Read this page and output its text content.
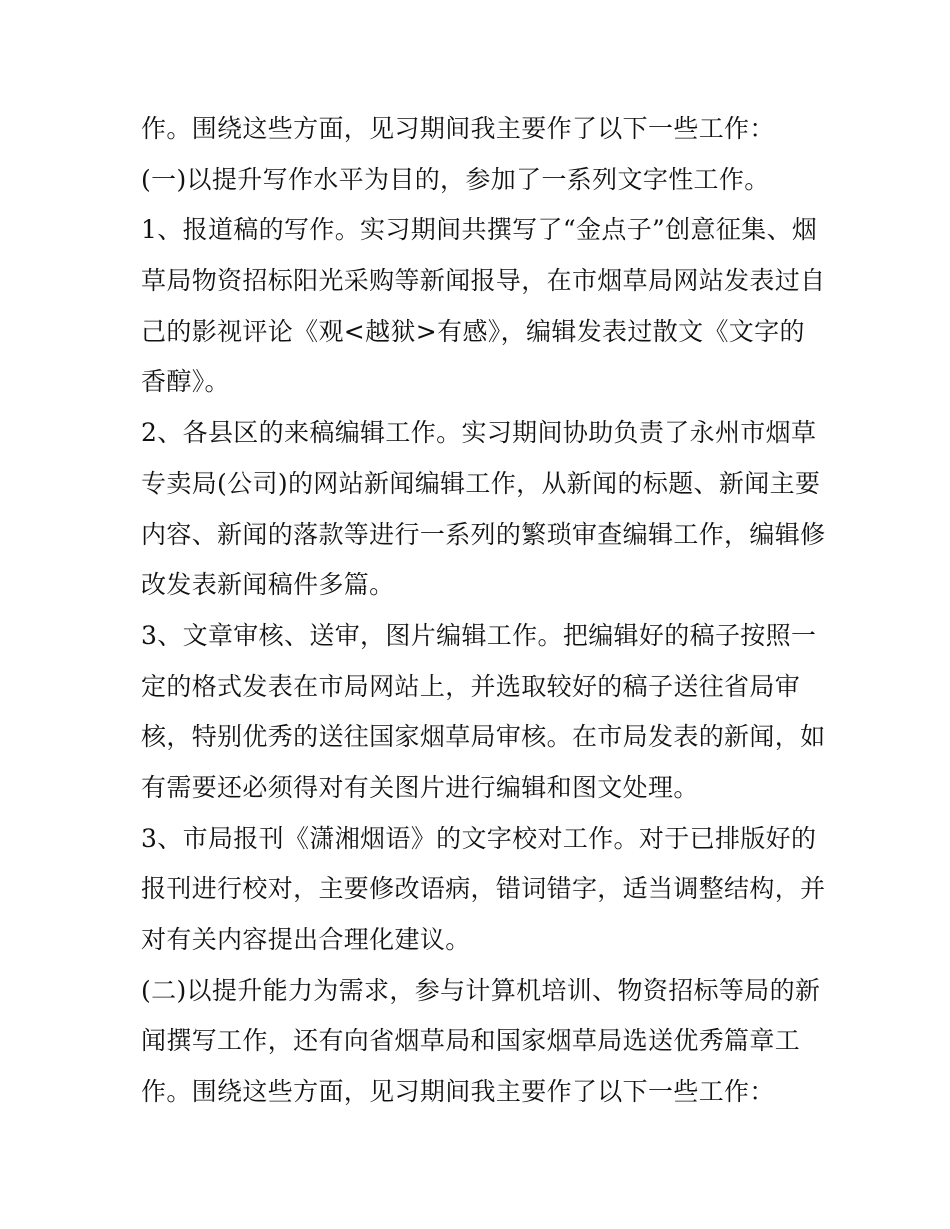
作。围绕这些方面，见习期间我主要作了以下一些工作：
(一)以提升写作水平为目的，参加了一系列文字性工作。
1、报道稿的写作。实习期间共撰写了“金点子”创意征集、烟
草局物资招标阳光采购等新闻报导，在市烟草局网站发表过自
己的影视评论《观<越狱>有感》，编辑发表过散文《文字的
香醇》。
2、各县区的来稿编辑工作。实习期间协助负责了永州市烟草
专卖局(公司)的网站新闻编辑工作，从新闻的标题、新闻主要
内容、新闻的落款等进行一系列的繁琐审查编辑工作，编辑修
改发表新闻稿件多篇。
3、文章审核、送审，图片编辑工作。把编辑好的稿子按照一
定的格式发表在市局网站上，并选取较好的稿子送往省局审
核，特别优秀的送往国家烟草局审核。在市局发表的新闻，如
有需要还必须得对有关图片进行编辑和图文处理。
3、市局报刊《潇湘烟语》的文字校对工作。对于已排版好的
报刊进行校对，主要修改语病，错词错字，适当调整结构，并
对有关内容提出合理化建议。
(二)以提升能力为需求，参与计算机培训、物资招标等局的新
闻撰写工作，还有向省烟草局和国家烟草局选送优秀篇章工
作。围绕这些方面，见习期间我主要作了以下一些工作：
